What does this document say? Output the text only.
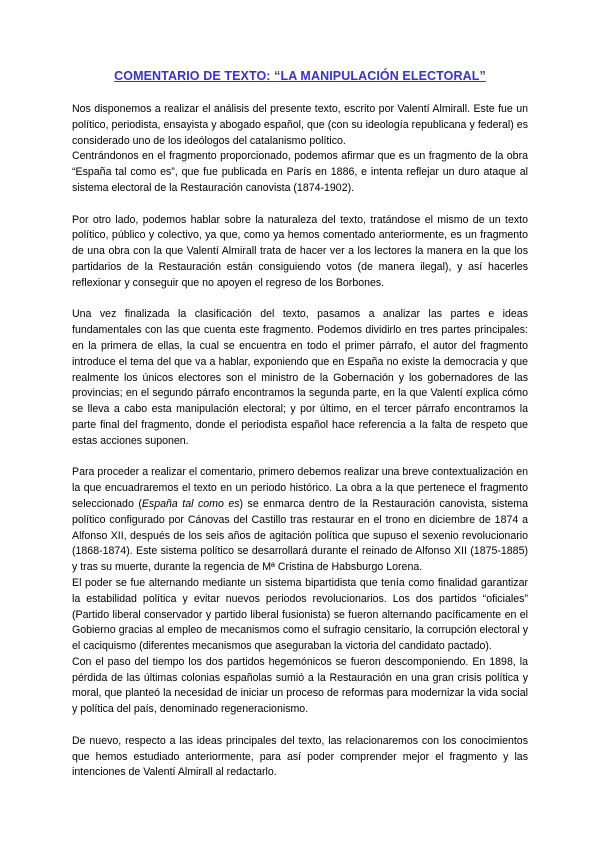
COMENTARIO DE TEXTO: “LA MANIPULACIÓN ELECTORAL”

Nos disponemos a realizar el análisis del presente texto, escrito por Valentí Almirall. Este fue un político, periodista, ensayista y abogado español, que (con su ideología republicana y federal) es considerado uno de los ideólogos del catalanismo político.

Centrándonos en el fragmento proporcionado, podemos afirmar que es un fragmento de la obra “España tal como es”, que fue publicada en París en 1886, e intenta reflejar un duro ataque al sistema electoral de la Restauración canovista (1874-1902).

Por otro lado, podemos hablar sobre la naturaleza del texto, tratándose el mismo de un texto político, público y colectivo, ya que, como ya hemos comentado anteriormente, es un fragmento de una obra con la que Valentí Almirall trata de hacer ver a los lectores la manera en la que los partidarios de la Restauración están consiguiendo votos (de manera ilegal), y así hacerles reflexionar y conseguir que no apoyen el regreso de los Borbones.

Una vez finalizada la clasificación del texto, pasamos a analizar las partes e ideas fundamentales con las que cuenta este fragmento. Podemos dividirlo en tres partes principales: en la primera de ellas, la cual se encuentra en todo el primer párrafo, el autor del fragmento introduce el tema del que va a hablar, exponiendo que en España no existe la democracia y que realmente los únicos electores son el ministro de la Gobernación y los gobernadores de las provincias; en el segundo párrafo encontramos la segunda parte, en la que Valentí explica cómo se lleva a cabo esta manipulación electoral; y por último, en el tercer párrafo encontramos la parte final del fragmento, donde el periodista español hace referencia a la falta de respeto que estas acciones suponen.

Para proceder a realizar el comentario, primero debemos realizar una breve contextualización en la que encuadraremos el texto en un periodo histórico. La obra a la que pertenece el fragmento seleccionado (España tal como es) se enmarca dentro de la Restauración canovista, sistema político configurado por Cánovas del Castillo tras restaurar en el trono en diciembre de 1874 a Alfonso XII, después de los seis años de agitación política que supuso el sexenio revolucionario (1868-1874). Este sistema político se desarrollará durante el reinado de Alfonso XII (1875-1885) y tras su muerte, durante la regencia de Mª Cristina de Habsburgo Lorena.

El poder se fue alternando mediante un sistema bipartidista que tenía como finalidad garantizar la estabilidad política y evitar nuevos periodos revolucionarios. Los dos partidos “oficiales” (Partido liberal conservador y partido liberal fusionista) se fueron alternando pacíficamente en el Gobierno gracias al empleo de mecanismos como el sufragio censitario, la corrupción electoral y el caciquismo (diferentes mecanismos que aseguraban la victoria del candidato pactado).

Con el paso del tiempo los dos partidos hegemónicos se fueron descomponiendo. En 1898, la pérdida de las últimas colonias españolas sumió a la Restauración en una gran crisis política y moral, que planteó la necesidad de iniciar un proceso de reformas para modernizar la vida social y política del país, denominado regeneracionismo.

De nuevo, respecto a las ideas principales del texto, las relacionaremos con los conocimientos que hemos estudiado anteriormente, para así poder comprender mejor el fragmento y las intenciones de Valentí Almirall al redactarlo.
